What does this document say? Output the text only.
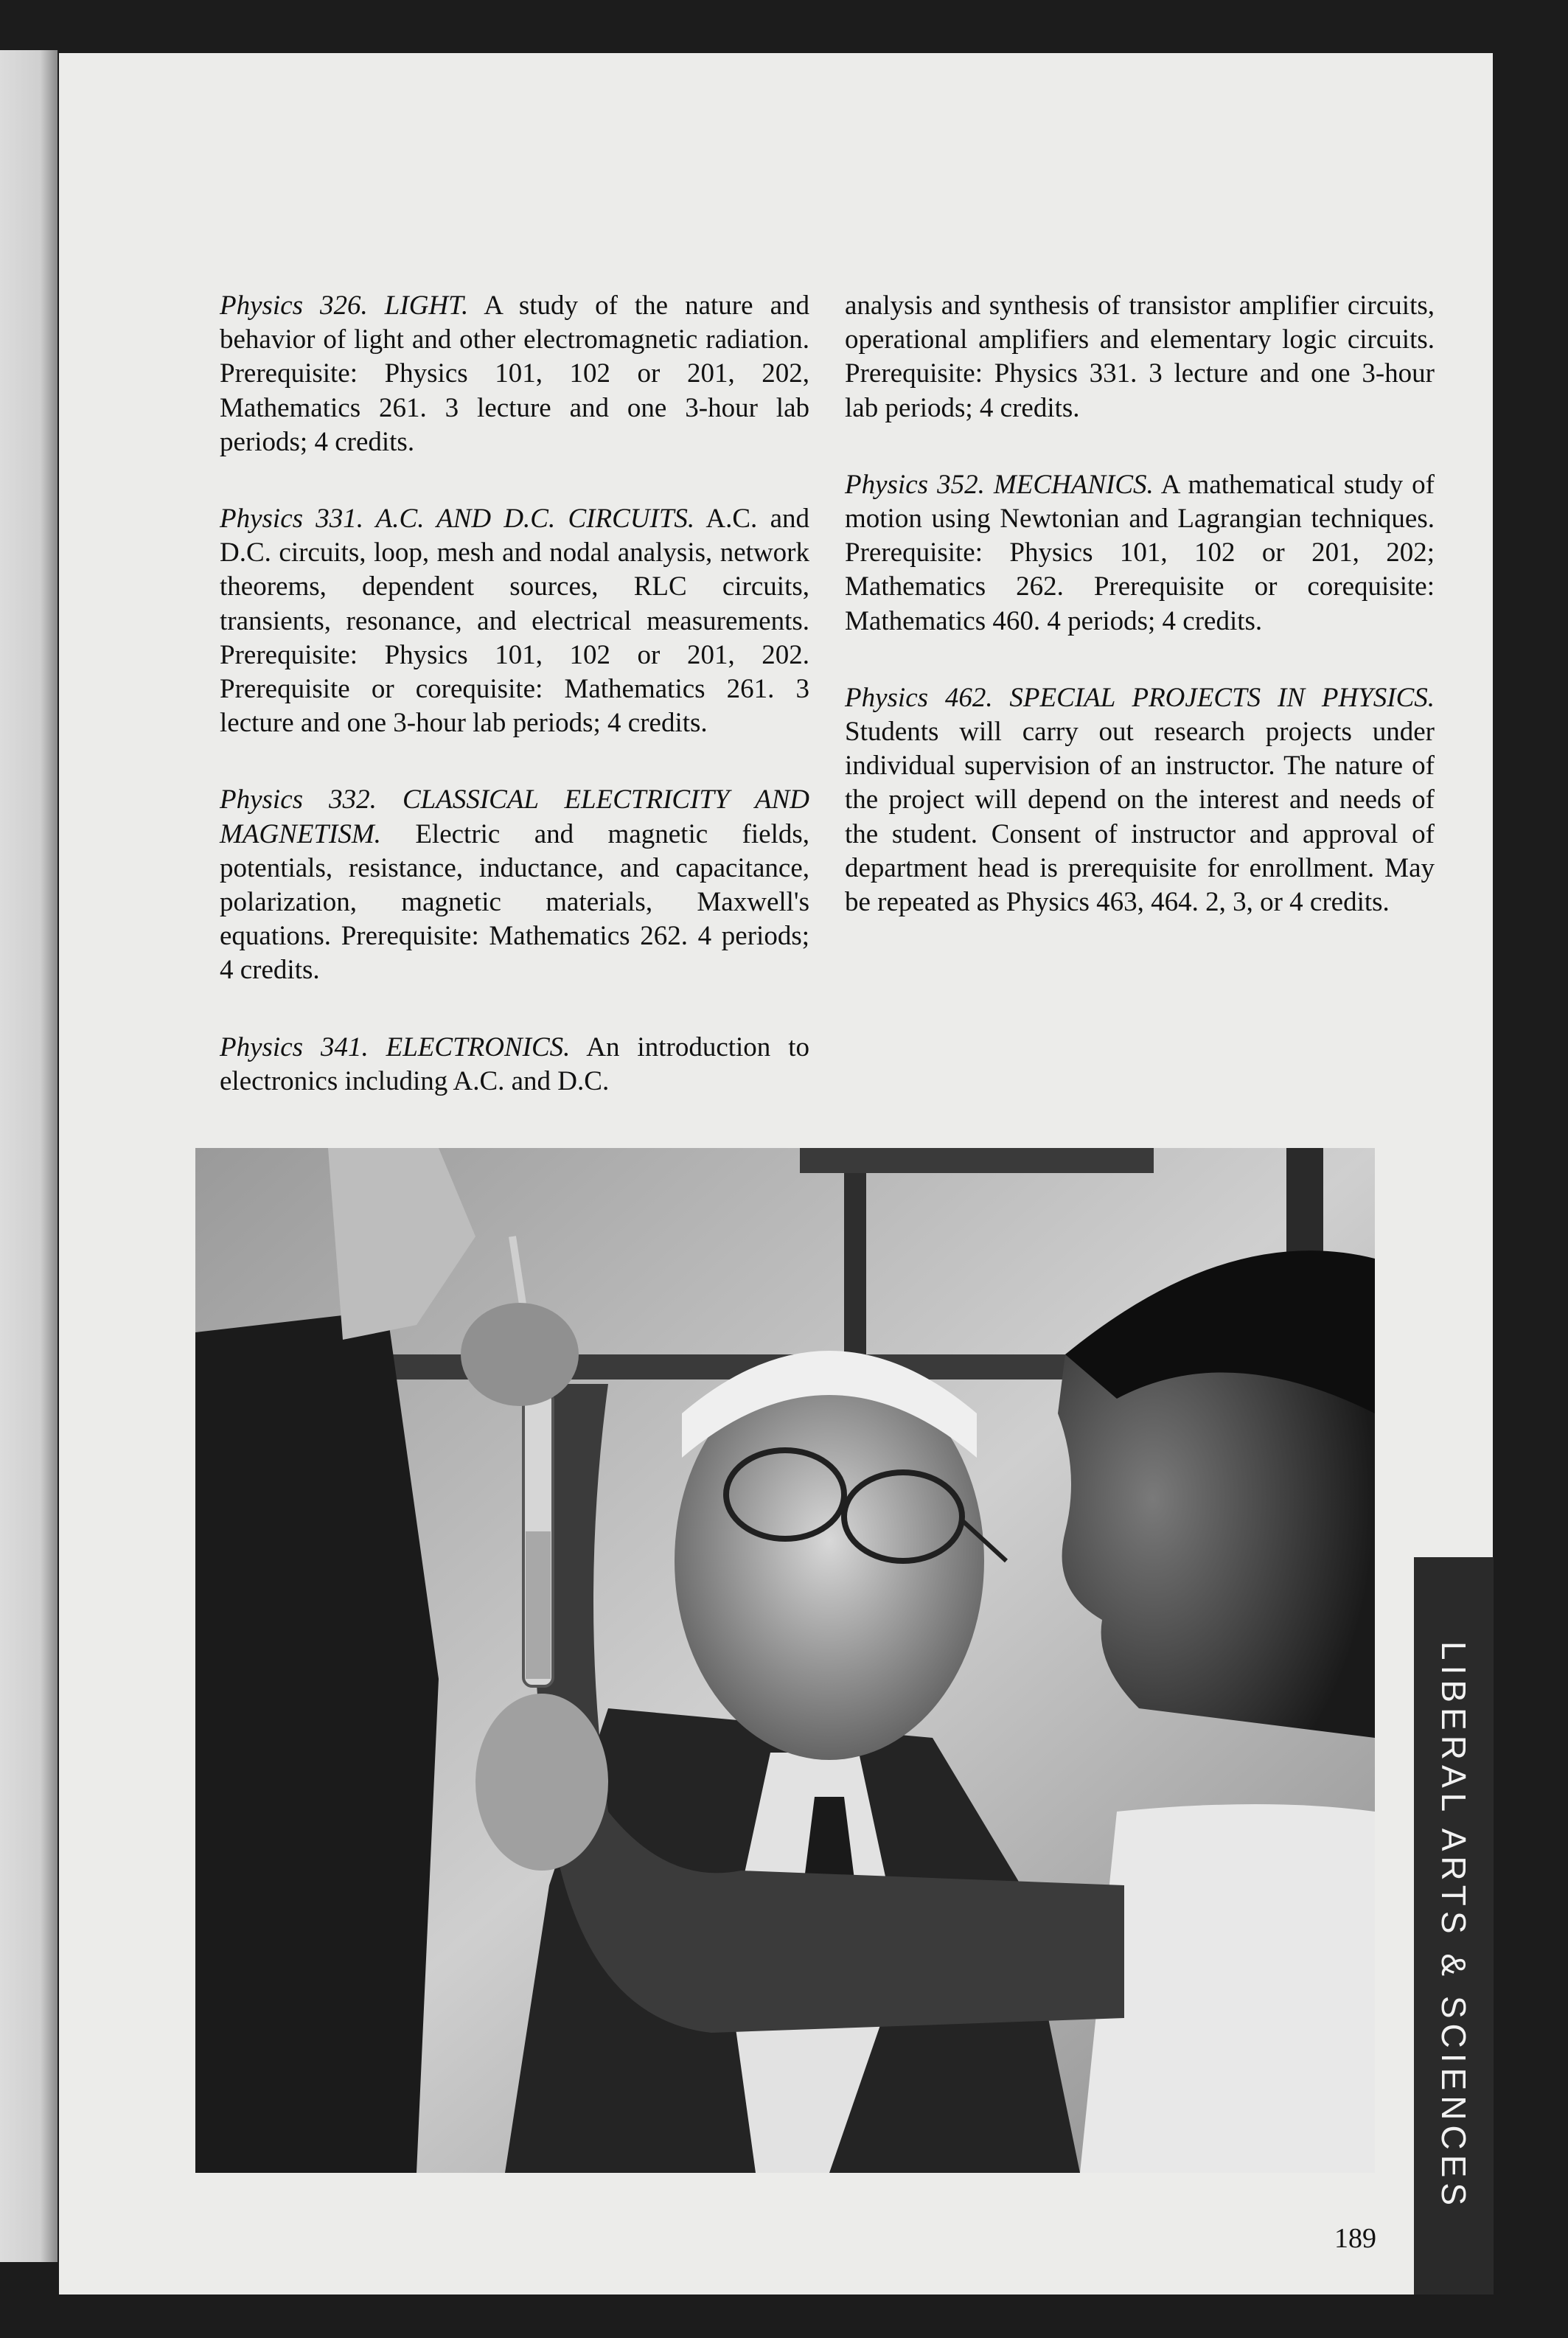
Physics 326. LIGHT. A study of the nature and behavior of light and other electromagnetic radiation. Prerequisite: Physics 101, 102 or 201, 202, Mathematics 261. 3 lecture and one 3-hour lab periods; 4 credits.

Physics 331. A.C. AND D.C. CIRCUITS. A.C. and D.C. circuits, loop, mesh and nodal analysis, network theorems, dependent sources, RLC circuits, transients, resonance, and electrical measurements. Prerequisite: Physics 101, 102 or 201, 202. Prerequisite or corequisite: Mathematics 261. 3 lecture and one 3-hour lab periods; 4 credits.

Physics 332. CLASSICAL ELECTRICITY AND MAGNETISM. Electric and magnetic fields, potentials, resistance, inductance, and capacitance, polarization, magnetic materials, Maxwell's equations. Prerequisite: Mathematics 262. 4 periods; 4 credits.

Physics 341. ELECTRONICS. An introduction to electronics including A.C. and D.C.

analysis and synthesis of transistor amplifier circuits, operational amplifiers and elementary logic circuits. Prerequisite: Physics 331. 3 lecture and one 3-hour lab periods; 4 credits.

Physics 352. MECHANICS. A mathematical study of motion using Newtonian and Lagrangian techniques. Prerequisite: Physics 101, 102 or 201, 202; Mathematics 262. Prerequisite or corequisite: Mathematics 460. 4 periods; 4 credits.

Physics 462. SPECIAL PROJECTS IN PHYSICS. Students will carry out research projects under individual supervision of an instructor. The nature of the project will depend on the interest and needs of the student. Consent of instructor and approval of department head is prerequisite for enrollment. May be repeated as Physics 463, 464. 2, 3, or 4 credits.

189
LIBERAL ARTS & SCIENCES
